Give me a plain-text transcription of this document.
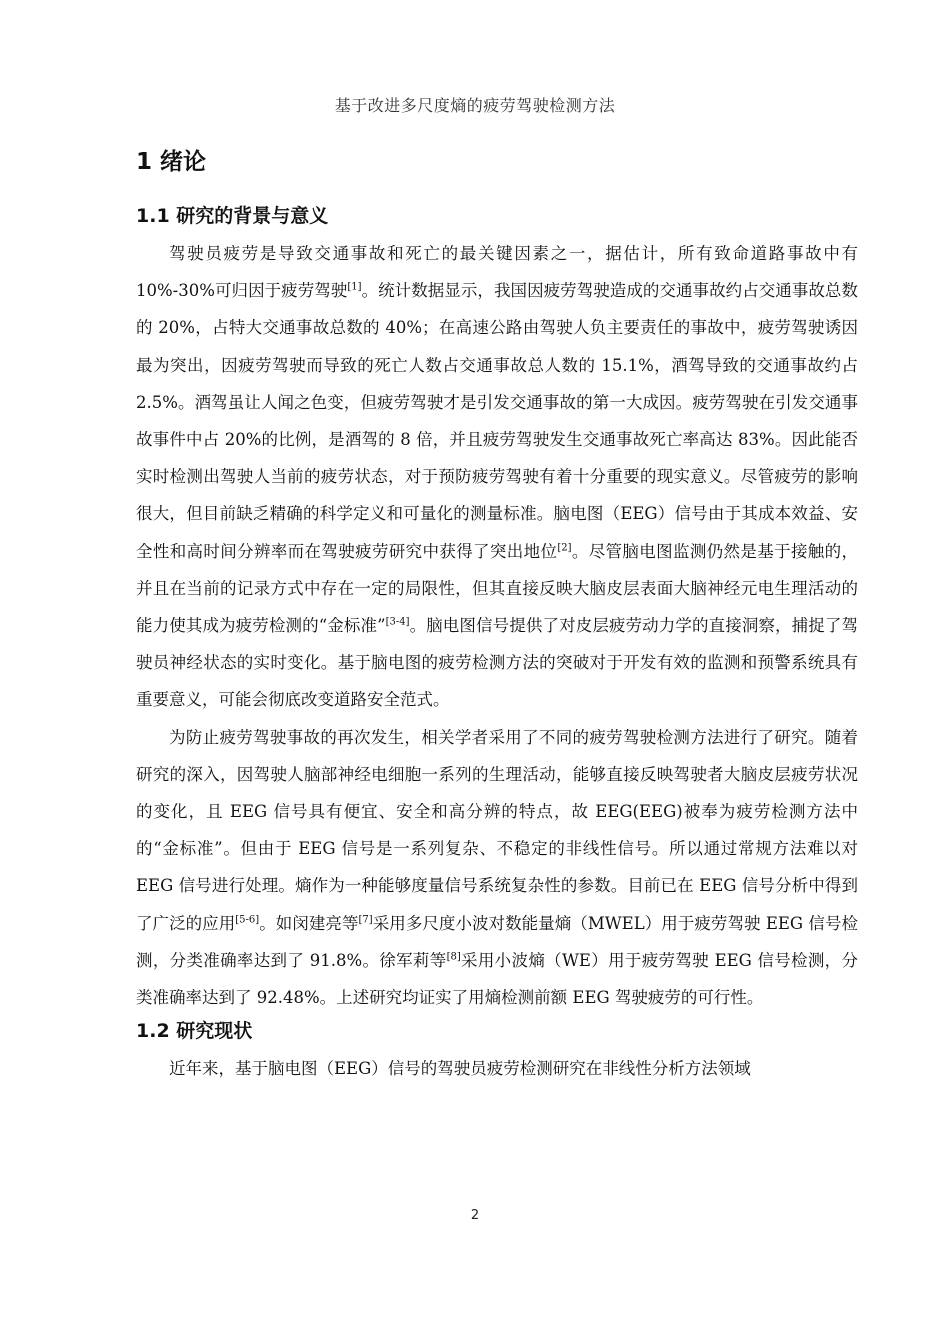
基于改进多尺度熵的疲劳驾驶检测方法
1 绪论
1.1 研究的背景与意义

驾驶员疲劳是导致交通事故和死亡的最关键因素之一，据估计，所有致命道路事故中有 10%-30%可归因于疲劳驾驶[1]。统计数据显示，我国因疲劳驾驶造成的交通事故约占交通事故总数的 20%，占特大交通事故总数的 40%；在高速公路由驾驶人负主要责任的事故中，疲劳驾驶诱因最为突出，因疲劳驾驶而导致的死亡人数占交通事故总人数的 15.1%，酒驾导致的交通事故约占 2.5%。酒驾虽让人闻之色变，但疲劳驾驶才是引发交通事故的第一大成因。疲劳驾驶在引发交通事故事件中占 20%的比例，是酒驾的 8 倍，并且疲劳驾驶发生交通事故死亡率高达 83%。因此能否实时检测出驾驶人当前的疲劳状态，对于预防疲劳驾驶有着十分重要的现实意义。尽管疲劳的影响很大，但目前缺乏精确的科学定义和可量化的测量标准。脑电图（EEG）信号由于其成本效益、安全性和高时间分辨率而在驾驶疲劳研究中获得了突出地位[2]。尽管脑电图监测仍然是基于接触的，并且在当前的记录方式中存在一定的局限性，但其直接反映大脑皮层表面大脑神经元电生理活动的能力使其成为疲劳检测的“金标准”[3-4]。脑电图信号提供了对皮层疲劳动力学的直接洞察，捕捉了驾驶员神经状态的实时变化。基于脑电图的疲劳检测方法的突破对于开发有效的监测和预警系统具有重要意义，可能会彻底改变道路安全范式。

为防止疲劳驾驶事故的再次发生，相关学者采用了不同的疲劳驾驶检测方法进行了研究。随着研究的深入，因驾驶人脑部神经电细胞一系列的生理活动，能够直接反映驾驶者大脑皮层疲劳状况的变化，且 EEG 信号具有便宜、安全和高分辨的特点，故 EEG(EEG)被奉为疲劳检测方法中的“金标准”。但由于 EEG 信号是一系列复杂、不稳定的非线性信号。所以通过常规方法难以对 EEG 信号进行处理。熵作为一种能够度量信号系统复杂性的参数。目前已在 EEG 信号分析中得到了广泛的应用[5-6]。如闵建亮等[7]采用多尺度小波对数能量熵（MWEL）用于疲劳驾驶 EEG 信号检测，分类准确率达到了 91.8%。徐军莉等[8]采用小波熵（WE）用于疲劳驾驶 EEG 信号检测，分类准确率达到了 92.48%。上述研究均证实了用熵检测前额 EEG 驾驶疲劳的可行性。

1.2 研究现状

近年来，基于脑电图（EEG）信号的驾驶员疲劳检测研究在非线性分析方法领域

2
